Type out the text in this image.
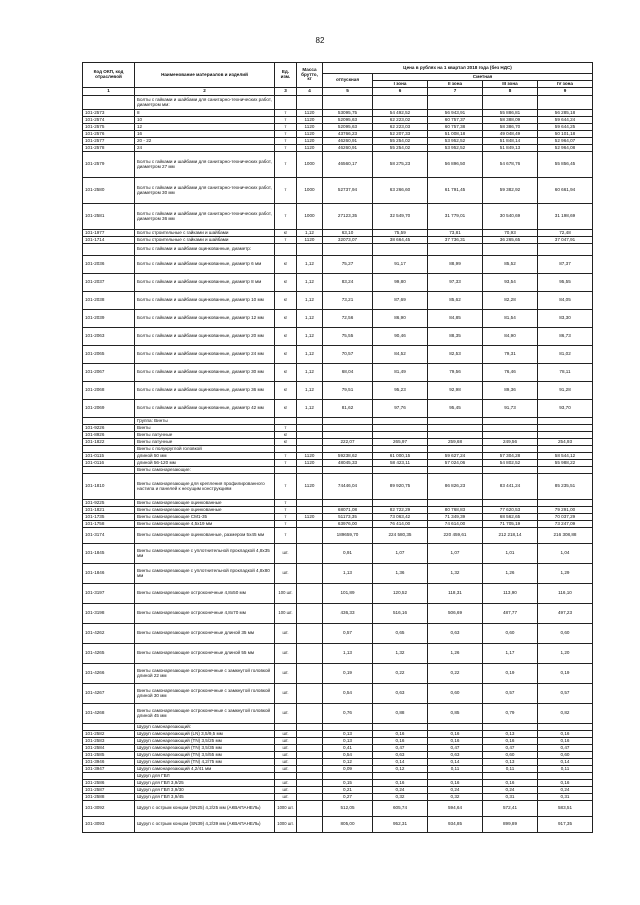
82
Код ОКП, код отраслевой	Наименование материалов и изделий	Ед. изм.	Масса брутто, кг	Цена в рублях на 1 квартал 2018 года (без НДС)				
				отпускная	Сметная			
					I зона	II зона	III зона	IV зона
1	2	3	4	5	6	7	8	9
	Болты с гайками и шайбами для санитарно-технических работ, диаметром мм:							
101-2573	8	т	1120	53095,75	54 492,52	56 943,91	55 886,81	56 285,18
101-2574	10	т	1120	52095,63	62 223,02	60 757,37	58 388,09	59 644,24
101-2575	12	т	1120	52095,63	62 223,03	60 757,38	58 386,70	59 644,25
101-2576	16	т	1120	43766,23	52 207,33	51 008,18	49 048,49	50 101,18
101-2577	20 - 22	т	1120	46260,91	55 254,02	53 952,52	51 848,14	52 964,07
101-2578	24	т	1120	46260,91	55 254,02	53 952,52	51 849,13	52 964,08
101-2579	Болты с гайками и шайбами для санитарно-технических работ, диаметром 27 мм	т	1000	46560,17	58 275,23	56 896,50	54 678,76	55 856,45
101-2580	Болты с гайками и шайбами для санитарно-технических работ, диаметром 30 мм	т	1000	52737,94	63 266,60	61 791,45	59 382,92	60 661,94
101-2581	Болты с гайками и шайбами для санитарно-технических работ, диаметром 36 мм	т	1000	27123,35	32 549,70	31 779,01	30 540,69	31 198,69
101-1977	Болты строительные с гайками и шайбами	кг	1,12	63,10	75,59	73,81	70,93	72,48
101-1714	Болты строительные с гайками и шайбами	т	1120	32073,07	38 664,45	37 736,31	36 265,65	37 047,91
	Болты с гайками и шайбами оцинкованные, диаметр:							
101-2036	Болты с гайками и шайбами оцинкованные, диаметр 6 мм	кг	1,12	75,27	91,17	88,99	85,52	87,37
101-2037	Болты с гайками и шайбами оцинкованные, диаметр 8 мм	кг	1,12	83,24	99,80	97,33	93,54	95,55
101-2038	Болты с гайками и шайбами оцинкованные, диаметр 10 мм	кг	1,12	73,21	87,69	85,62	82,28	84,05
101-2039	Болты с гайками и шайбами оцинкованные, диаметр 12 мм	кг	1,12	72,56	86,90	84,85	81,54	83,30
101-2063	Болты с гайками и шайбами оцинкованные, диаметр 20 мм	кг	1,12	75,55	90,46	88,35	84,90	86,73
101-2065	Болты с гайками и шайбами оцинкованные, диаметр 24 мм	кг	1,12	70,57	84,52	82,53	79,31	81,02
101-2067	Болты с гайками и шайбами оцинкованные, диаметр 30 мм	кг	1,12	68,04	81,49	79,56	76,46	78,11
101-2068	Болты с гайками и шайбами оцинкованные, диаметр 36 мм	кг	1,12	79,51	95,23	92,98	89,36	91,28
101-2069	Болты с гайками и шайбами оцинкованные, диаметр 42 мм	кг	1,12	81,62	97,76	95,45	91,73	93,70
	Группа: Винты							
101-9226	Винты	т						
101-8926	Винты латунные	кг						
101-1822	Винты латунные	кг		222,07	265,97	259,68	249,56	254,93
	Винты с полукруглой головкой							
101-0115	длиной 50 мм	т	1120	59238,62	61 000,15	59 627,24	57 304,28	58 544,12
101-0116	длиной 56-120 мм	т	1120	48045,33	58 423,11	57 024,06	54 802,52	55 988,22
	Винты самонарезающие:							
101-1810	Винты самонарезающие для крепления профилированного настила и панелей к несущим конструкциям	т	1120	74446,04	89 920,75	86 826,23	83 441,24	85 235,51
101-9225	Винты самонарезающие оцинкованные	т						
101-1821	Винты самонарезающие оцинкованные	т		68071,08	82 722,29	80 768,83	77 620,53	79 291,00
101-1735	Винты самонарезающие СМ1-35	т	1120	51173,35	73 063,42	71 349,39	68 562,65	70 037,29
101-1758	Винты самонарезающие 4,5х19 мм	т		63976,00	76 414,00	74 614,00	71 705,19	73 247,09
101-3174	Винты самонарезающие оцинкованные, размером 5х45 мм	т		189659,70	224 580,35	220 459,61	212 218,14	216 308,88
101-1845	Винты самонарезающие с уплотнительной прокладкой 4,8х35 мм	шт.		0,91	1,07	1,07	1,01	1,04
101-1846	Винты самонарезающие с уплотнительной прокладкой 4,8х80 мм	шт.		1,13	1,36	1,32	1,26	1,29
101-3197	Винты самонарезающие остроконечные 4,8х50 мм	100 шт.		101,89	120,52	118,31	113,90	116,10
101-3198	Винты самонарезающие остроконечные 4,8х70 мм	100 шт.		436,33	516,16	506,69	487,77	497,23
101-4262	Винты самонарезающие остроконечные длиной 35 мм	шт.		0,57	0,65	0,63	0,60	0,60
101-4265	Винты самонарезающие остроконечные длиной 55 мм	шт.		1,13	1,32	1,26	1,17	1,20
101-4266	Винты самонарезающие остроконечные с замкнутой головкой длиной 22 мм	шт.		0,19	0,22	0,22	0,19	0,19
101-4267	Винты самонарезающие остроконечные с замкнутой головкой длиной 30 мм	шт.		0,54	0,63	0,60	0,57	0,57
101-4268	Винты самонарезающие остроконечные с замкнутой головкой длиной 45 мм	шт.		0,76	0,88	0,85	0,79	0,82
	Шуруп самонарезающий:							
101-2582	Шуруп самонарезающий (LN) 3,5/9,5 мм	шт.		0,13	0,16	0,16	0,13	0,16
101-2583	Шуруп самонарезающий (ТN) 3,5/25 мм	шт.		0,13	0,16	0,16	0,16	0,16
101-2584	Шуруп самонарезающий (ТN) 3,5/35 мм	шт.		0,41	0,47	0,47	0,47	0,47
101-2585	Шуруп самонарезающий (ТN) 3,5/55 мм	шт.		0,54	0,63	0,63	0,60	0,60
101-3946	Шуруп самонарезающий (ТN) 4,2/75 мм	шт.		0,12	0,14	0,14	0,13	0,14
101-3947	Шуруп самонарезающий 4,2/41 мм	шт.		0,09	0,12	0,11	0,11	0,11
	Шуруп для ГВЛ							
101-2586	Шуруп для ГВЛ 3,9/25	шт.		0,15	0,16	0,16	0,16	0,16
101-2587	Шуруп для ГВЛ 3,9/30	шт.		0,21	0,24	0,24	0,24	0,24
101-2588	Шуруп для ГВЛ 3,9/45	шт.		0,27	0,32	0,32	0,31	0,31
101-3092	Шуруп с острым концом (SN25) 4,2/25 мм (АКВАПАНЕЛЬ)	1000 шт.		512,05	605,74	594,64	572,41	583,51
101-3093	Шуруп с острым концом (SN39) 4,2/39 мм (АКВАПАНЕЛЬ)	1000 шт.		805,00	952,31	934,85	899,89	917,35
